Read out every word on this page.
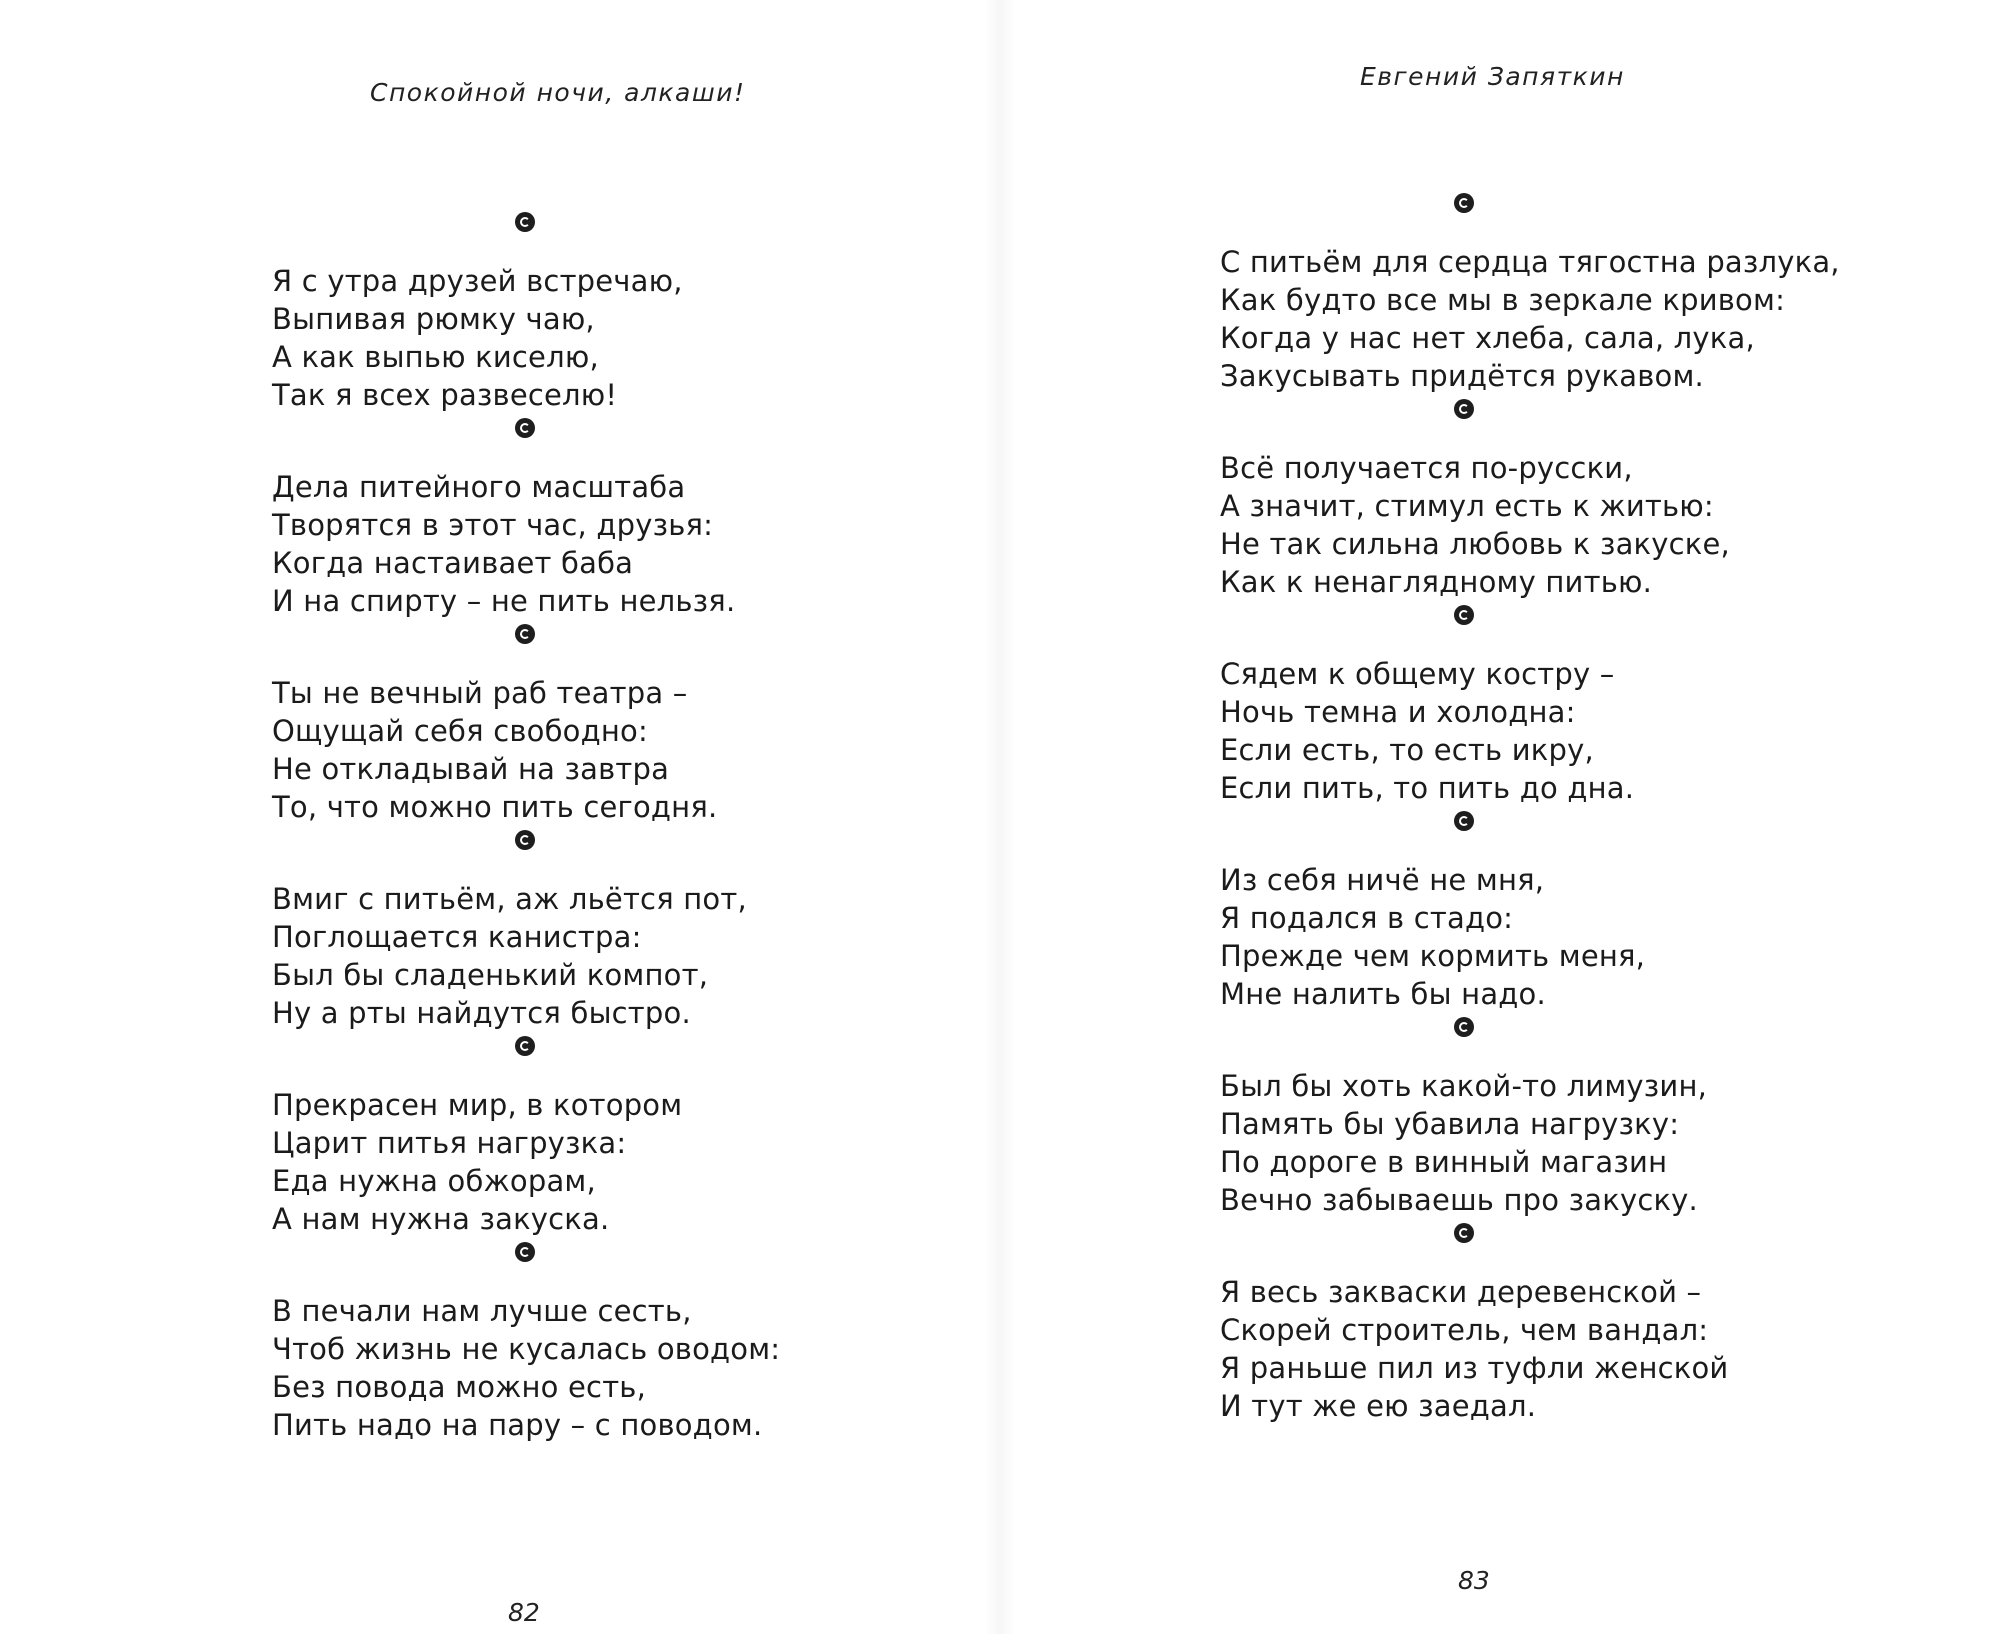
Спокойной ночи, алкаши!
Я с утра друзей встречаю,
Выпивая рюмку чаю,
А как выпью киселю,
Так я всех развеселю!
Дела питейного масштаба
Творятся в этот час, друзья:
Когда настаивает баба
И на спирту – не пить нельзя.
Ты не вечный раб театра –
Ощущай себя свободно:
Не откладывай на завтра
То, что можно пить сегодня.
Вмиг с питьём, аж льётся пот,
Поглощается канистра:
Был бы сладенький компот,
Ну а рты найдутся быстро.
Прекрасен мир, в котором
Царит питья нагрузка:
Еда нужна обжорам,
А нам нужна закуска.
В печали нам лучше сесть,
Чтоб жизнь не кусалась оводом:
Без повода можно есть,
Пить надо на пару – с поводом.
82
Евгений Запяткин
С питьём для сердца тягостна разлука,
Как будто все мы в зеркале кривом:
Когда у нас нет хлеба, сала, лука,
Закусывать придётся рукавом.
Всё получается по-русски,
А значит, стимул есть к житью:
Не так сильна любовь к закуске,
Как к ненаглядному питью.
Сядем к общему костру –
Ночь темна и холодна:
Если есть, то есть икру,
Если пить, то пить до дна.
Из себя ничё не мня,
Я подался в стадо:
Прежде чем кормить меня,
Мне налить бы надо.
Был бы хоть какой-то лимузин,
Память бы убавила нагрузку:
По дороге в винный магазин
Вечно забываешь про закуску.
Я весь закваски деревенской –
Скорей строитель, чем вандал:
Я раньше пил из туфли женской
И тут же ею заедал.
83
